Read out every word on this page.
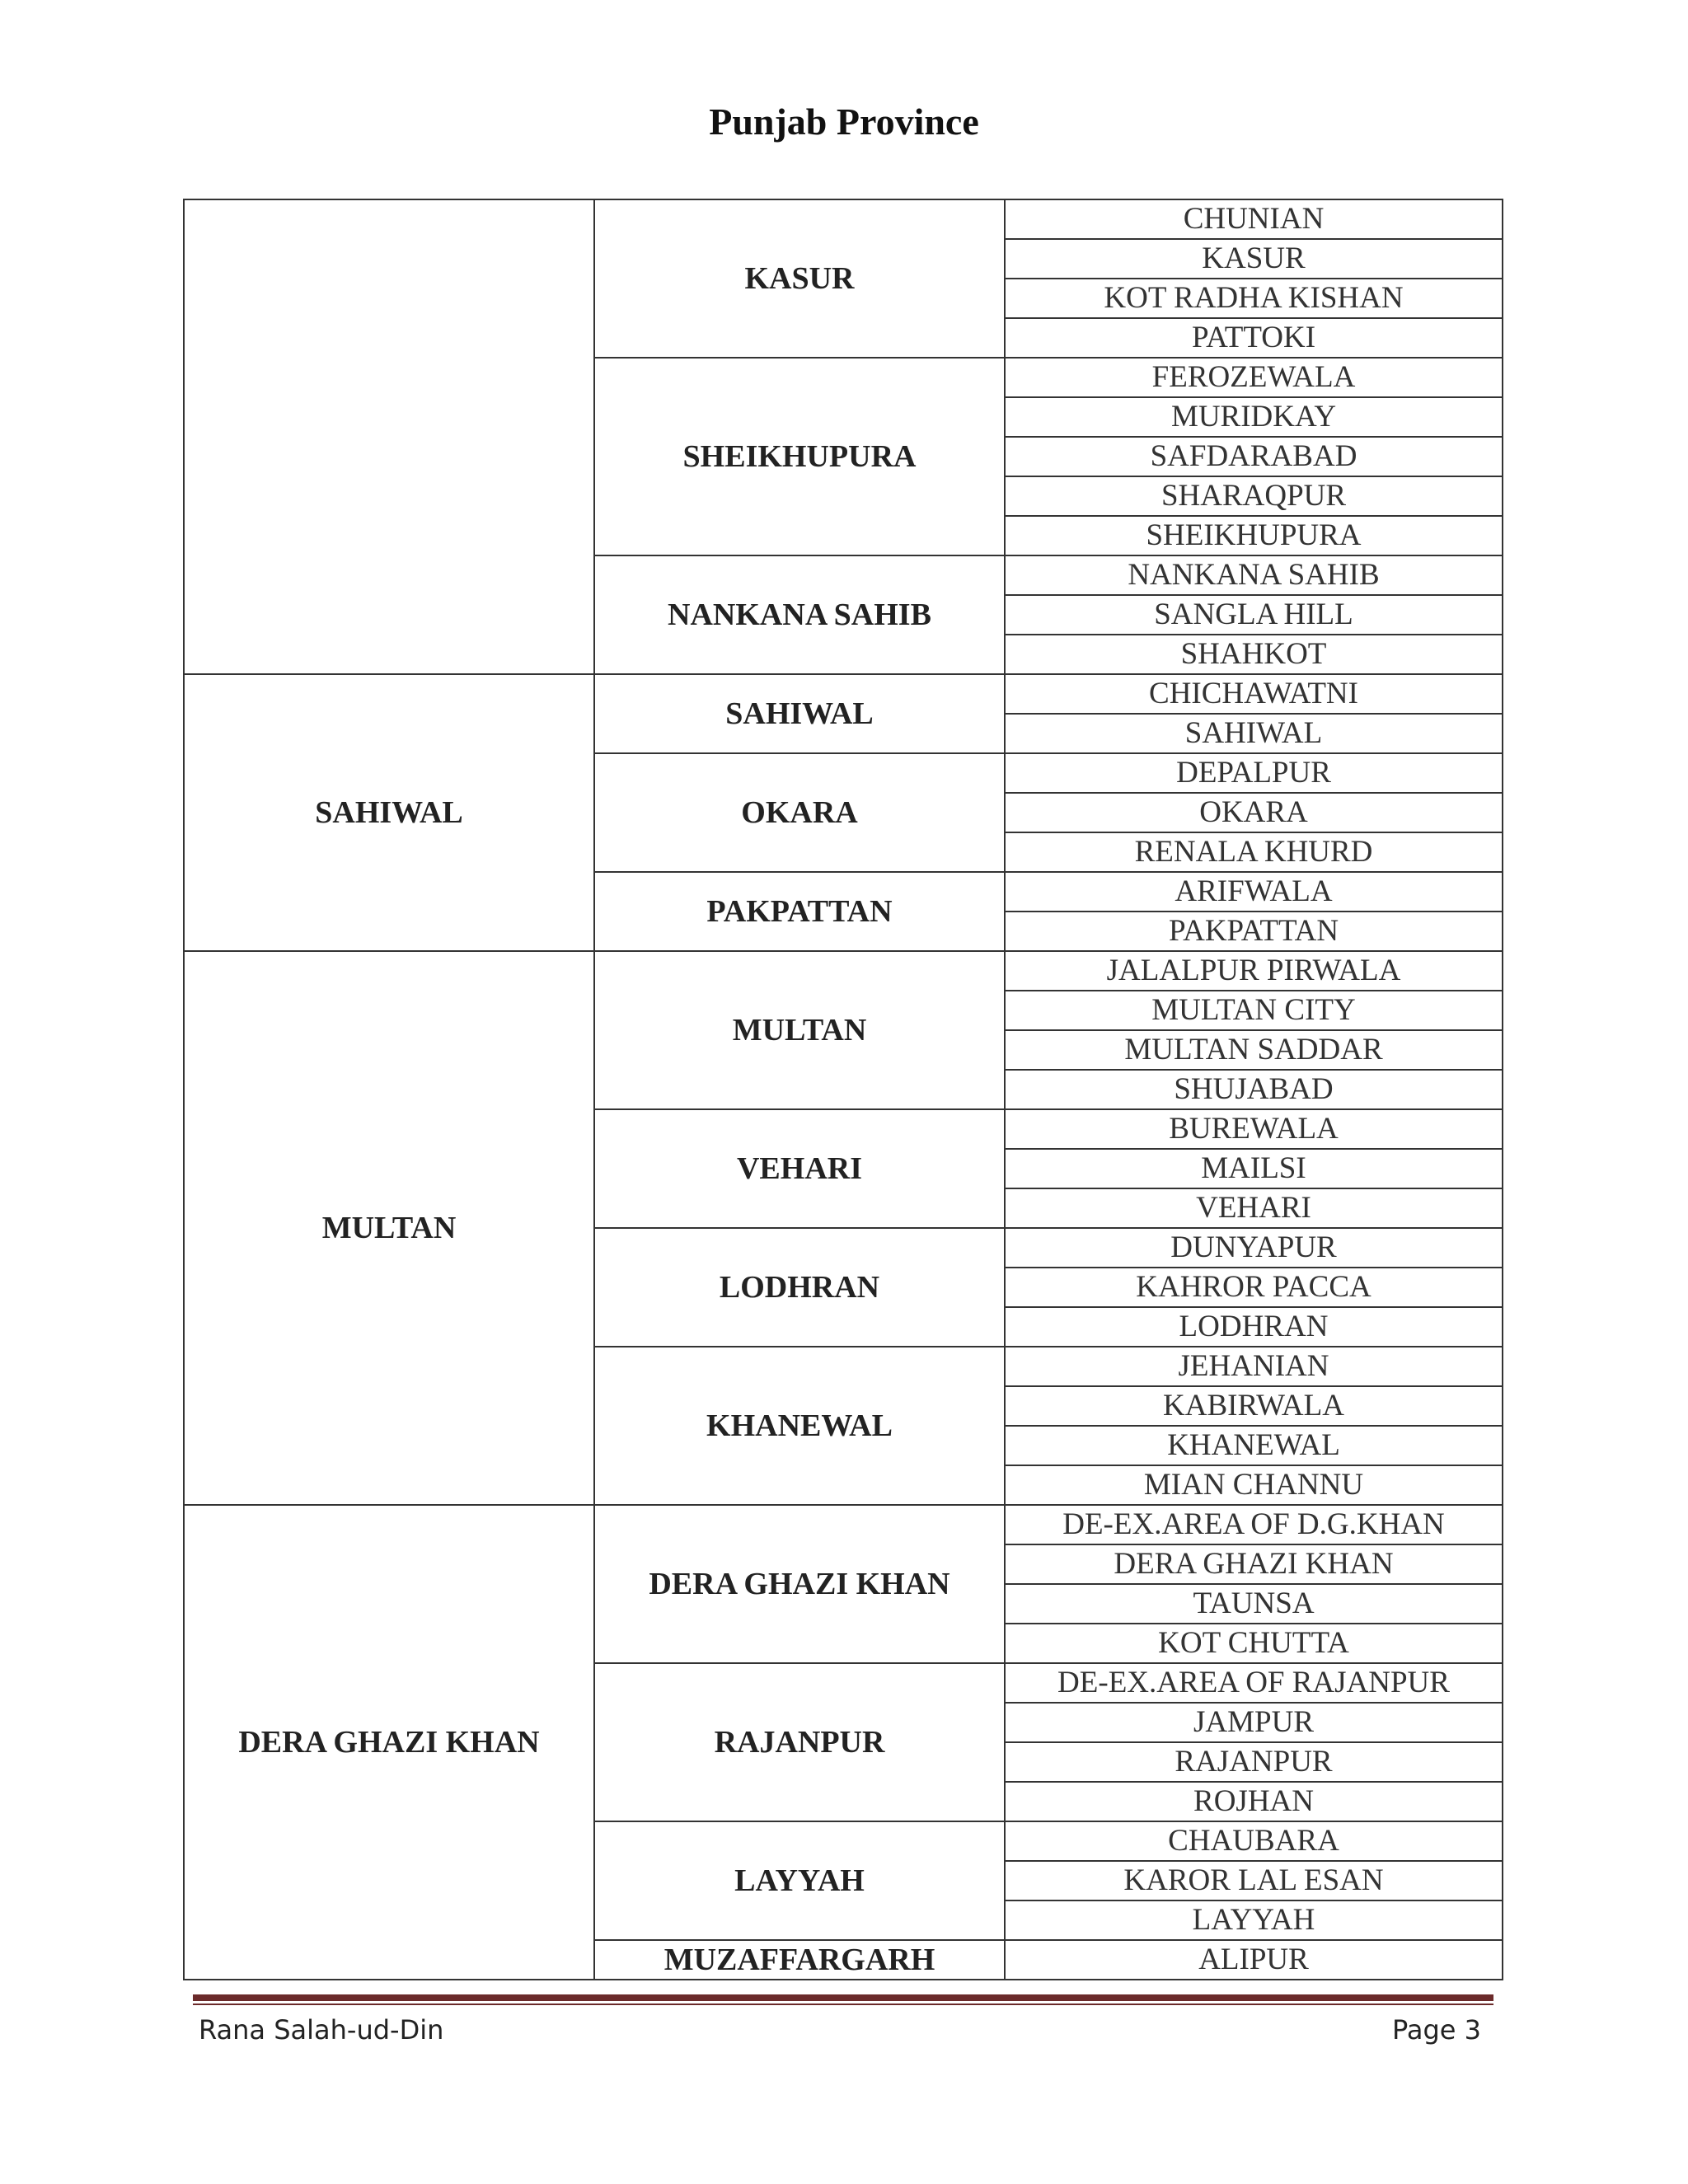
Punjab Province
	KASUR	CHUNIAN
		KASUR
		KOT RADHA KISHAN
		PATTOKI
	SHEIKHUPURA	FEROZEWALA
		MURIDKAY
		SAFDARABAD
		SHARAQPUR
		SHEIKHUPURA
	NANKANA SAHIB	NANKANA SAHIB
		SANGLA HILL
		SHAHKOT
SAHIWAL	SAHIWAL	CHICHAWATNI
		SAHIWAL
	OKARA	DEPALPUR
		OKARA
		RENALA KHURD
	PAKPATTAN	ARIFWALA
		PAKPATTAN
MULTAN	MULTAN	JALALPUR PIRWALA
		MULTAN CITY
		MULTAN SADDAR
		SHUJABAD
	VEHARI	BUREWALA
		MAILSI
		VEHARI
	LODHRAN	DUNYAPUR
		KAHROR PACCA
		LODHRAN
	KHANEWAL	JEHANIAN
		KABIRWALA
		KHANEWAL
		MIAN CHANNU
DERA GHAZI KHAN	DERA GHAZI KHAN	DE-EX.AREA OF D.G.KHAN
		DERA GHAZI KHAN
		TAUNSA
		KOT CHUTTA
	RAJANPUR	DE-EX.AREA OF RAJANPUR
		JAMPUR
		RAJANPUR
		ROJHAN
	LAYYAH	CHAUBARA
		KAROR LAL ESAN
		LAYYAH
	MUZAFFARGARH	ALIPUR
Rana Salah-ud-Din	Page 3
